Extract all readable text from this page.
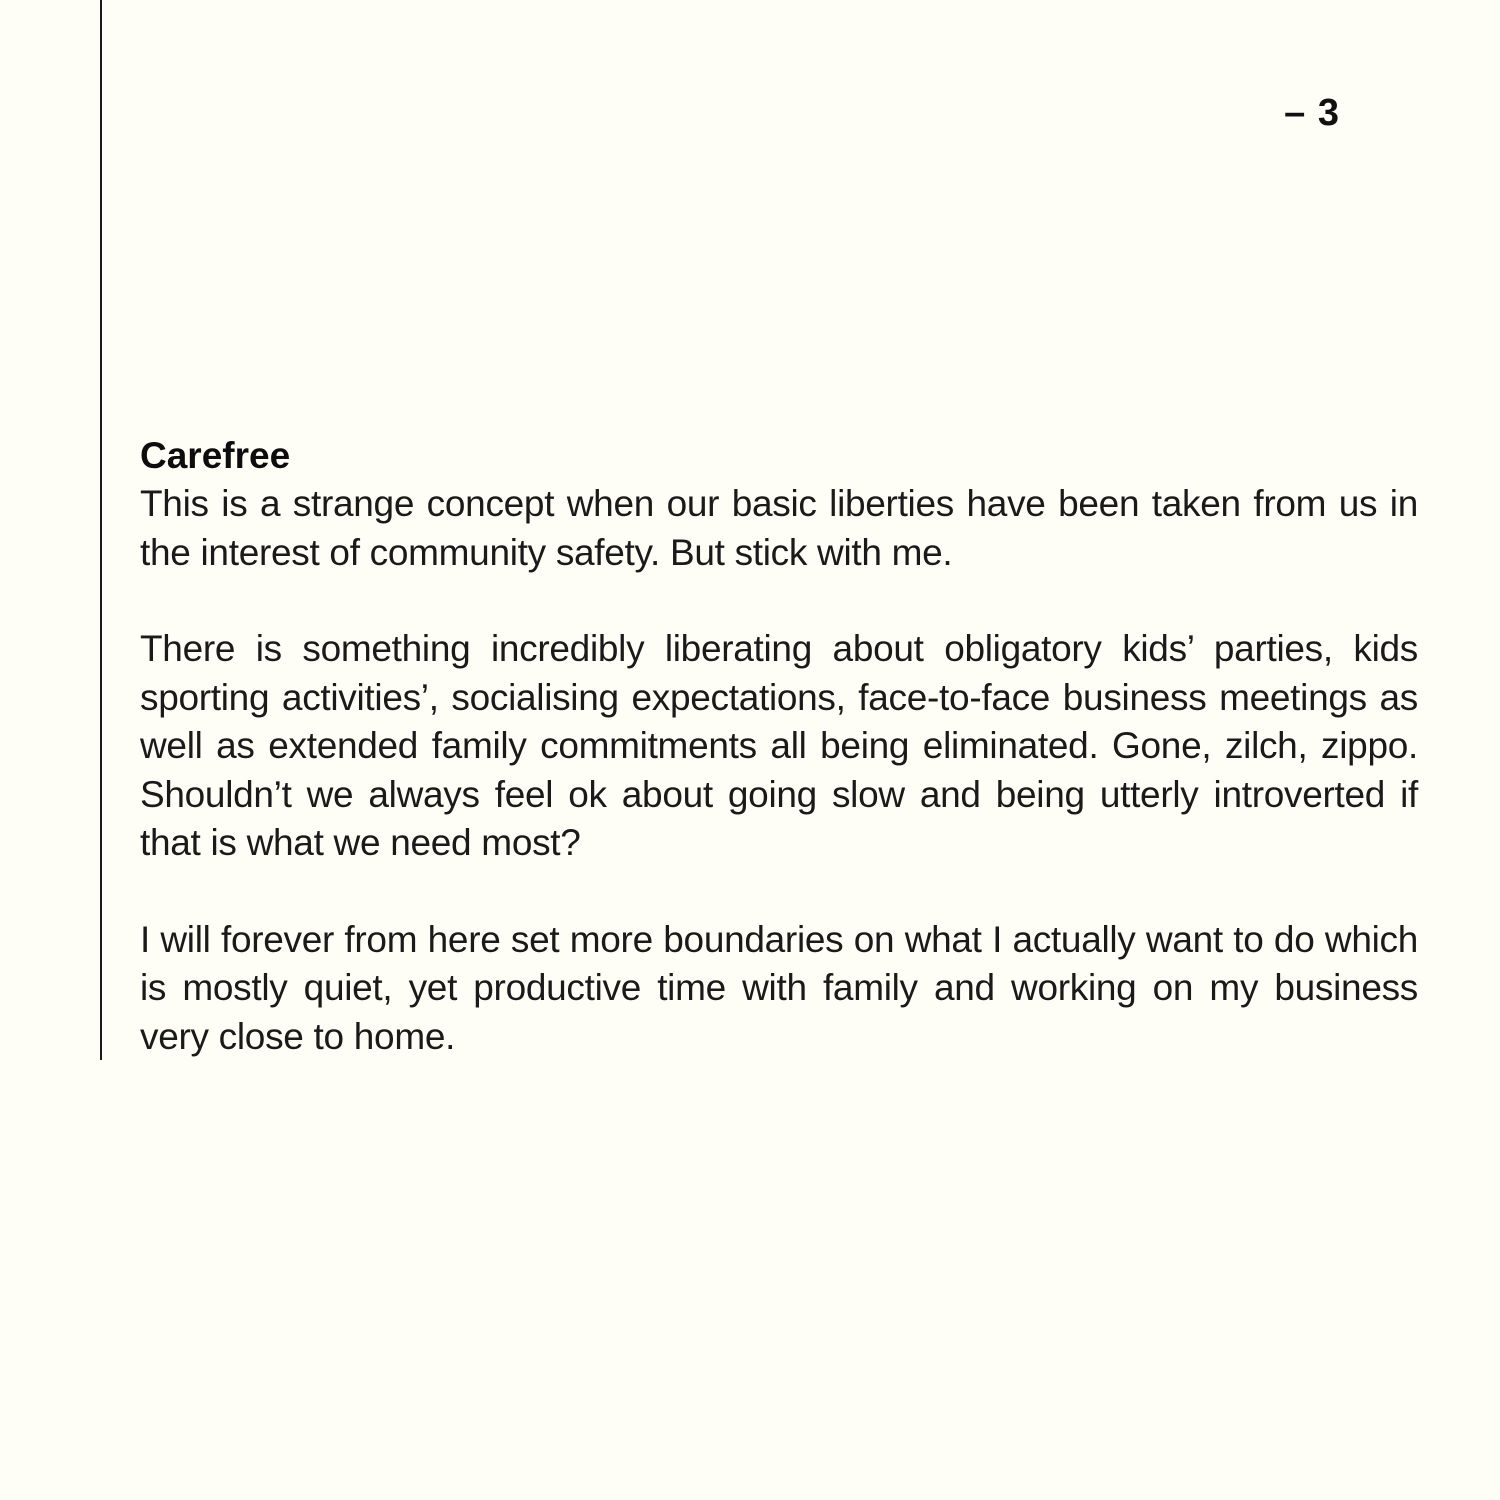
– 3
Carefree

This is a strange concept when our basic liberties have been taken from us in the interest of community safety. But stick with me.

There is something incredibly liberating about obligatory kids’ parties, kids sporting activities’, socialising expectations, face-to-face business meetings as well as extended family commitments all being eliminated. Gone, zilch, zippo. Shouldn’t we always feel ok about going slow and being utterly introverted if that is what we need most?

I will forever from here set more boundaries on what I actually want to do which is mostly quiet, yet productive time with family and working on my business very close to home.
